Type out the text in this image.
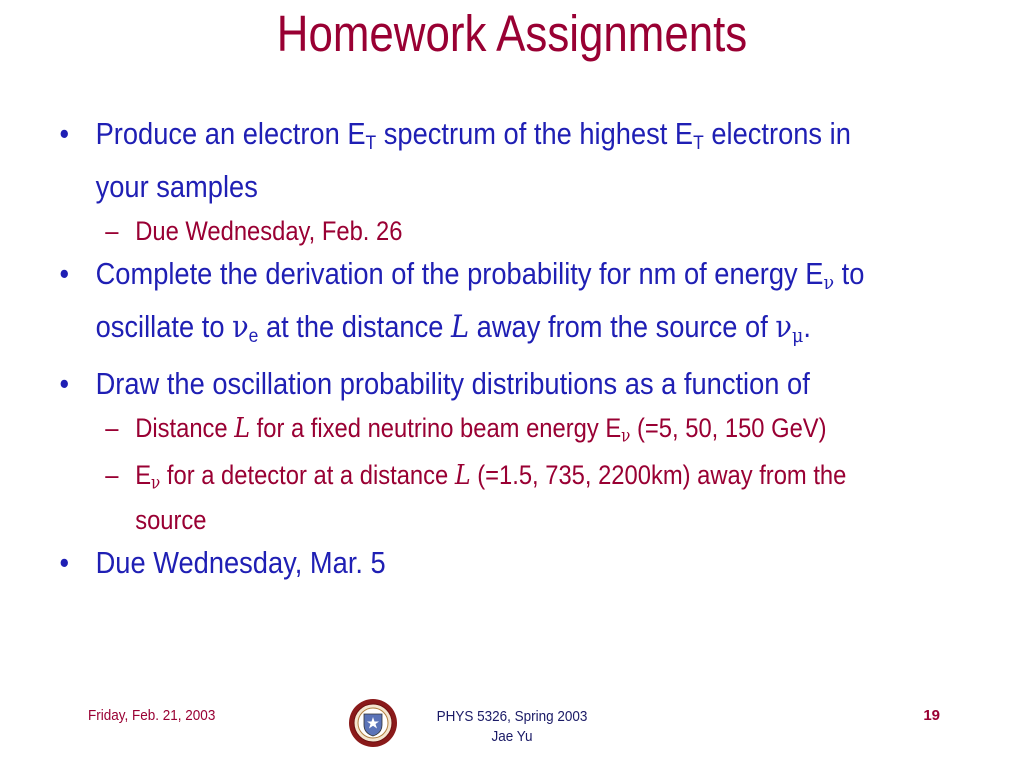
Homework Assignments
• Produce an electron $E_T$ spectrum of the highest $E_T$ electrons in your samples
– Due Wednesday, Feb. 26
• Complete the derivation of the probability for nm of energy $E_\nu$ to oscillate to $\nu_e$ at the distance L away from the source of $\nu_\mu$.
• Draw the oscillation probability distributions as a function of
– Distance L for a fixed neutrino beam energy $E_\nu$ (=5, 50, 150 GeV)
– $E_\nu$ for a detector at a distance L (=1.5, 735, 2200km) away from the source
• Due Wednesday, Mar. 5
Friday, Feb. 21, 2003	PHYS 5326, Spring 2003
Jae Yu
19
